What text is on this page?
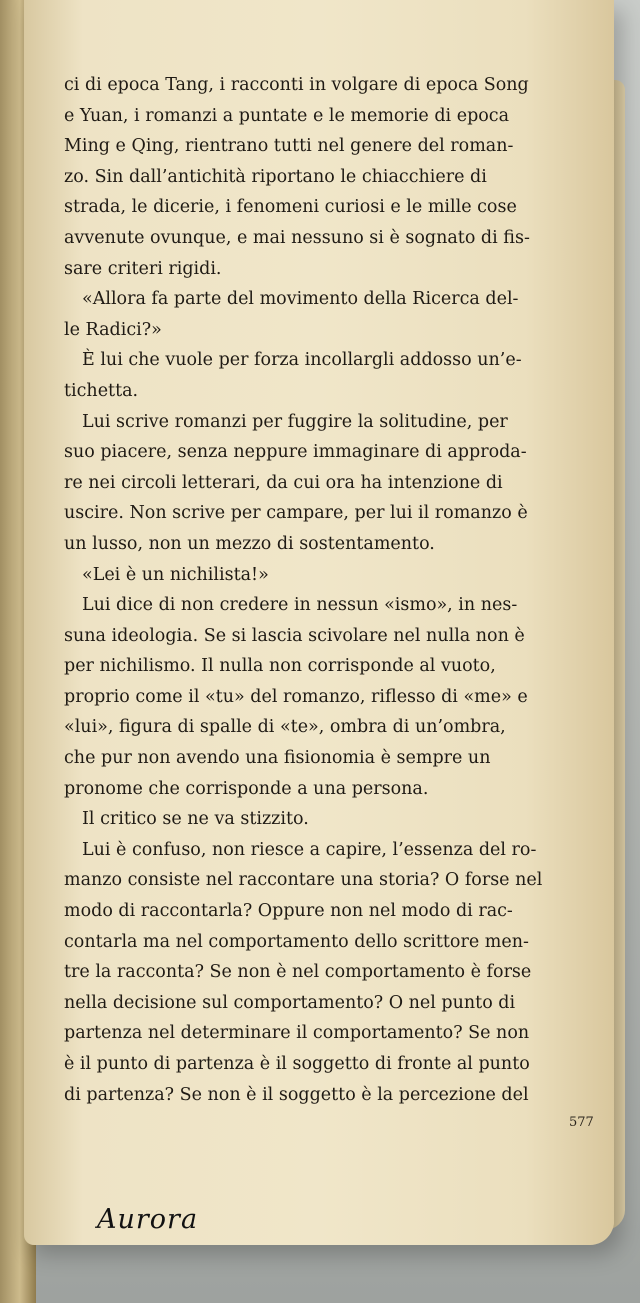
ci di epoca Tang, i racconti in volgare di epoca Song

e Yuan, i romanzi a puntate e le memorie di epoca

Ming e Qing, rientrano tutti nel genere del roman-

zo. Sin dall’antichità riportano le chiacchiere di

strada, le dicerie, i fenomeni curiosi e le mille cose

avvenute ovunque, e mai nessuno si è sognato di fis-

sare criteri rigidi.

«Allora fa parte del movimento della Ricerca del-

le Radici?»

È lui che vuole per forza incollargli addosso un’e-

tichetta.

Lui scrive romanzi per fuggire la solitudine, per

suo piacere, senza neppure immaginare di approda-

re nei circoli letterari, da cui ora ha intenzione di

uscire. Non scrive per campare, per lui il romanzo è

un lusso, non un mezzo di sostentamento.

«Lei è un nichilista!»

Lui dice di non credere in nessun «ismo», in nes-

suna ideologia. Se si lascia scivolare nel nulla non è

per nichilismo. Il nulla non corrisponde al vuoto,

proprio come il «tu» del romanzo, riflesso di «me» e

«lui», figura di spalle di «te», ombra di un’ombra,

che pur non avendo una fisionomia è sempre un

pronome che corrisponde a una persona.

Il critico se ne va stizzito.

Lui è confuso, non riesce a capire, l’essenza del ro-

manzo consiste nel raccontare una storia? O forse nel

modo di raccontarla? Oppure non nel modo di rac-

contarla ma nel comportamento dello scrittore men-

tre la racconta? Se non è nel comportamento è forse

nella decisione sul comportamento? O nel punto di

partenza nel determinare il comportamento? Se non

è il punto di partenza è il soggetto di fronte al punto

di partenza? Se non è il soggetto è la percezione del

577
Aurora
